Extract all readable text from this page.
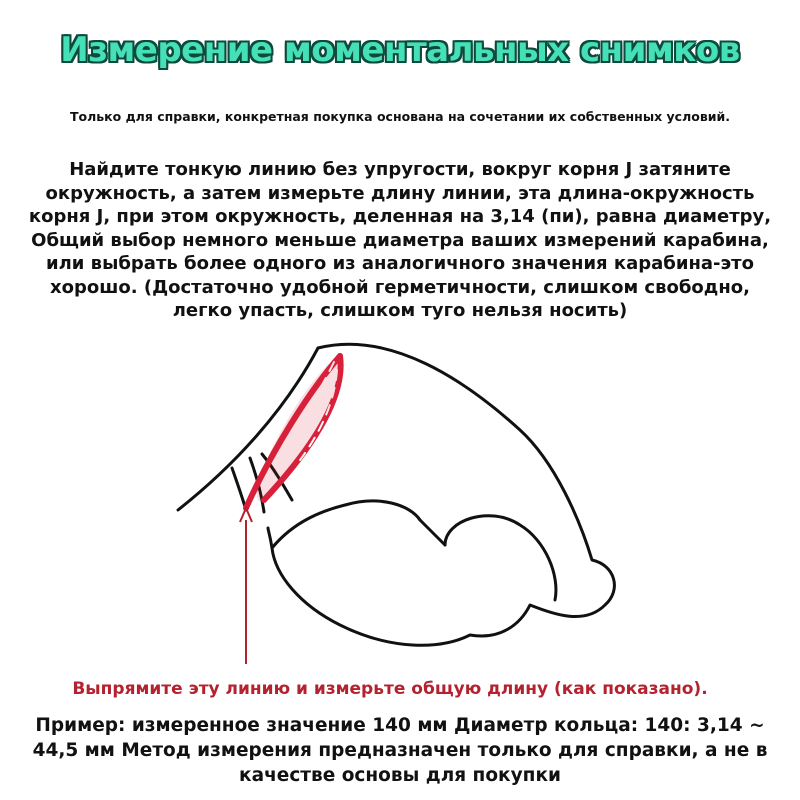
Измерение моментальных снимков
Только для справки, конкретная покупка основана на сочетании их собственных условий.
Найдите тонкую линию без упругости, вокруг корня J затяните окружность, а затем измерьте длину линии, эта длина-окружность корня J, при этом окружность, деленная на 3,14 (пи), равна диаметру, Общий выбор немного меньше диаметра ваших измерений карабина, или выбрать более одного из аналогичного значения карабина-это хорошо. (Достаточно удобной герметичности, слишком свободно, легко упасть, слишком туго нельзя носить)
Выпрямите эту линию и измерьте общую длину (как показано).
Пример: измеренное значение 140 мм Диаметр кольца: 140: 3,14 ~ 44,5 мм Метод измерения предназначен только для справки, а не в качестве основы для покупки
